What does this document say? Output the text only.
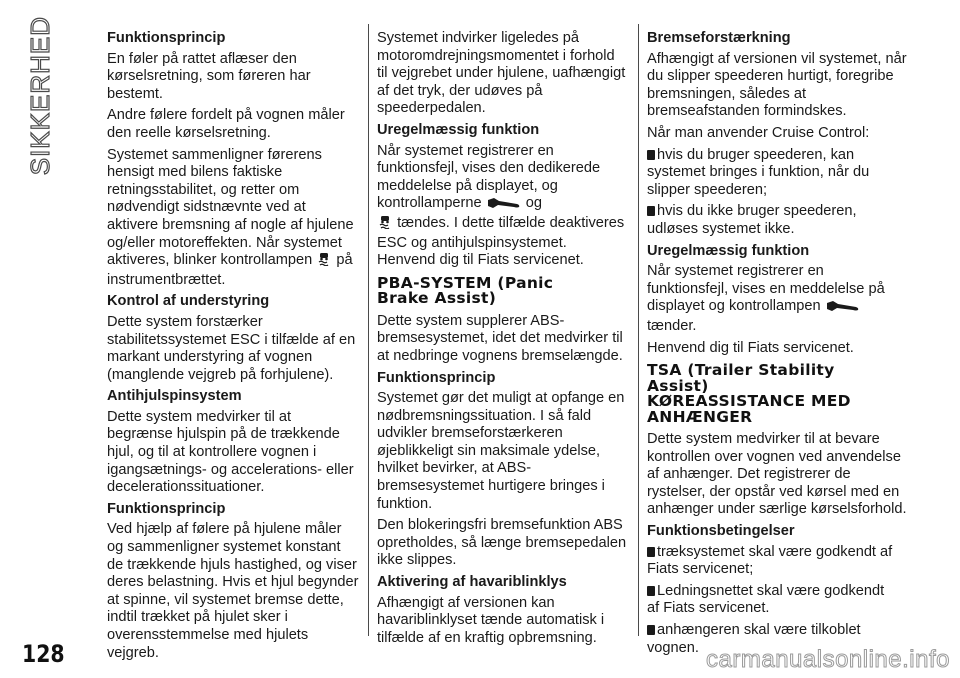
SIKKERHED	Funktionsprincip

En føler på rattet aflæser den kørselsretning, som føreren har bestemt.

Andre følere fordelt på vognen måler den reelle kørselsretning.

Systemet sammenligner førerens hensigt med bilens faktiske retningsstabilitet, og retter om nødvendigt sidstnævnte ved at aktivere bremsning af nogle af hjulene og/eller motoreffekten. Når systemet aktiveres, blinker kontrollampen på instrumentbrættet.

Kontrol af understyring

Dette system forstærker stabilitetssystemet ESC i tilfælde af en markant understyring af vognen (manglende vejgreb på forhjulene).

Antihjulspinsystem

Dette system medvirker til at begrænse hjulspin på de trækkende hjul, og til at kontrollere vognen i igangsætnings- og accelerations- eller decelerationssituationer.

Funktionsprincip

Ved hjælp af følere på hjulene måler og sammenligner systemet konstant de trækkende hjuls hastighed, og viser deres belastning. Hvis et hjul begynder at spinne, vil systemet bremse dette, indtil trækket på hjulet sker i overensstemmelse med hjulets vejgreb.

Systemet indvirker ligeledes på motoromdrejningsmomentet i forhold til vejgrebet under hjulene, uafhængigt af det tryk, der udøves på speederpedalen.

Uregelmæssig funktion

Når systemet registrerer en funktionsfejl, vises den dedikerede meddelelse på displayet, og kontrollamperne	og
tændes. I dette tilfælde deaktiveres ESC og antihjulspinsystemet. Henvend dig til Fiats servicenet.

PBA-SYSTEM (Panic
Brake Assist)

Dette system supplerer ABS-bremsesystemet, idet det medvirker til at nedbringe vognens bremselængde.

Funktionsprincip

Systemet gør det muligt at opfange en nødbremsningssituation. I så fald udvikler bremseforstærkeren øjeblikkeligt sin maksimale ydelse, hvilket bevirker, at ABS-bremsesystemet hurtigere bringes i funktion.

Den blokeringsfri bremsefunktion ABS opretholdes, så længe bremsepedalen ikke slippes.

Aktivering af havariblinklys

Afhængigt af versionen kan havariblinklyset tænde automatisk i tilfælde af en kraftig opbremsning.

Bremseforstærkning

Afhængigt af versionen vil systemet, når du slipper speederen hurtigt, foregribe bremsningen, således at bremseafstanden formindskes.

Når man anvender Cruise Control:

hvis du bruger speederen, kan

systemet bringes i funktion, når du slipper speederen;

hvis du ikke bruger speederen,

udløses systemet ikke.

Uregelmæssig funktion

Når systemet registrerer en funktionsfejl, vises en meddelelse på displayet og kontrollampen  tænder.

Henvend dig til Fiats servicenet.

TSA (Trailer Stability
Assist)
KØREASSISTANCE MED
ANHÆNGER

Dette system medvirker til at bevare kontrollen over vognen ved anvendelse af anhænger. Det registrerer de rystelser, der opstår ved kørsel med en anhænger under særlige kørselsforhold.

Funktionsbetingelser

træksystemet skal være godkendt af

Fiats servicenet;

Ledningsnettet skal være godkendt

af Fiats servicenet.

anhængeren skal være tilkoblet

vognen.

128	carmanualsonline.info
